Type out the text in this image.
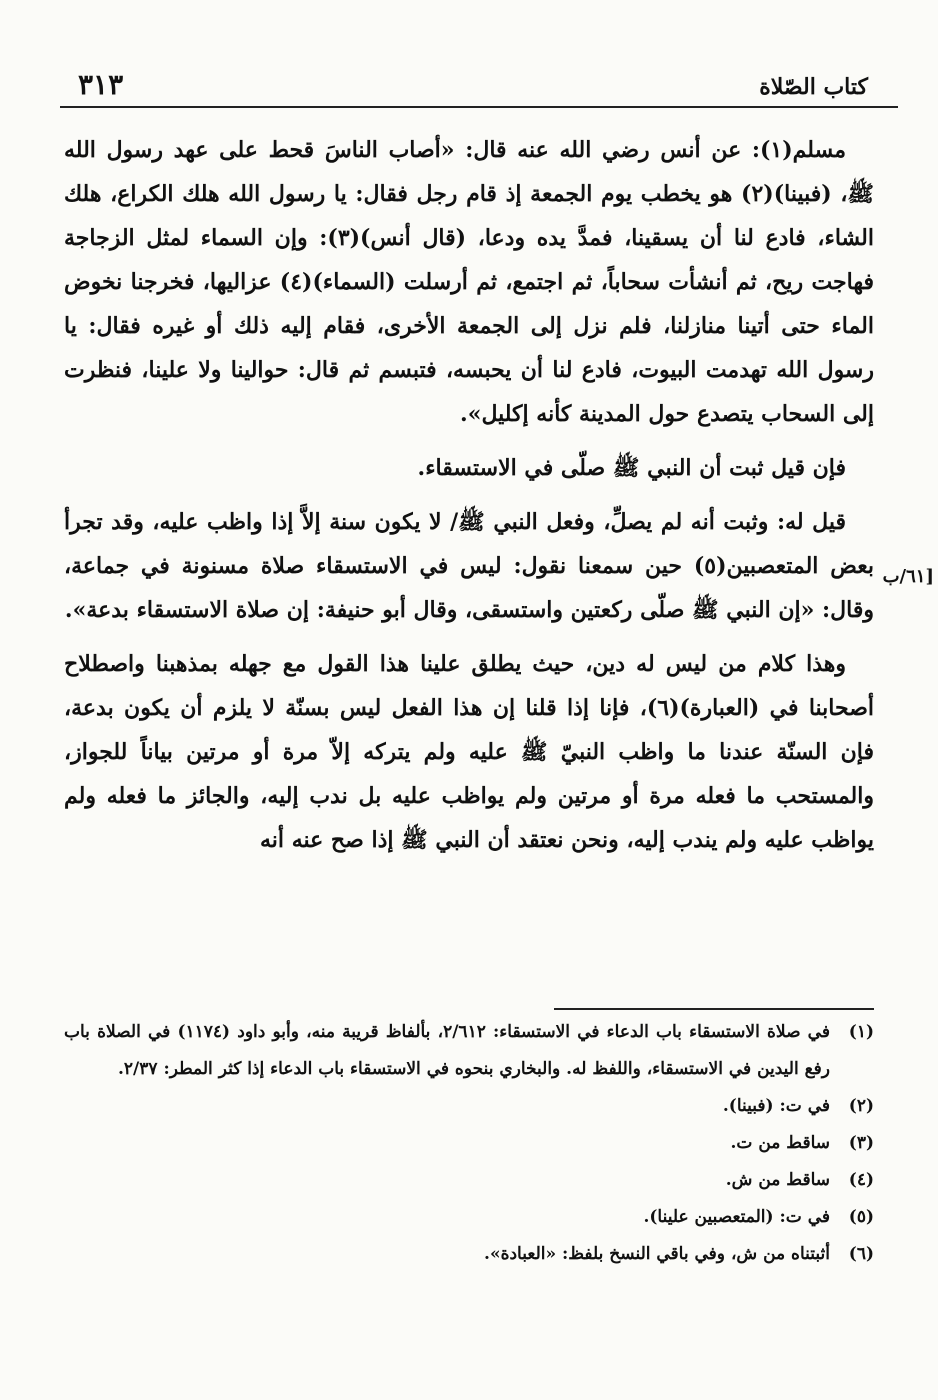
٣١٣	كتاب الصّلاة
[٦١/ب

مسلم(١): عن أنس رضي الله عنه قال: «أصاب الناسَ قحط على عهد رسول الله ﷺ، (فبينا)(٢) هو يخطب يوم الجمعة إذ قام رجل فقال: يا رسول الله هلك الكراع، هلك الشاء، فادع لنا أن يسقينا، فمدَّ يده ودعا، (قال أنس)(٣): وإن السماء لمثل الزجاجة فهاجت ريح، ثم أنشأت سحاباً، ثم اجتمع، ثم أرسلت (السماء)(٤) عزاليها، فخرجنا نخوض الماء حتى أتينا منازلنا، فلم نزل إلى الجمعة الأخرى، فقام إليه ذلك أو غيره فقال: يا رسول الله تهدمت البيوت، فادع لنا أن يحبسه، فتبسم ثم قال: حوالينا ولا علينا، فنظرت إلى السحاب يتصدع حول المدينة كأنه إكليل».

فإن قيل ثبت أن النبي ﷺ صلّى في الاستسقاء.

قيل له: وثبت أنه لم يصلِّ، وفعل النبي ﷺ/ لا يكون سنة إلاَّ إذا واظب عليه، وقد تجرأ بعض المتعصبين(٥) حين سمعنا نقول: ليس في الاستسقاء صلاة مسنونة في جماعة، وقال: «إن النبي ﷺ صلّى ركعتين واستسقى، وقال أبو حنيفة: إن صلاة الاستسقاء بدعة».

وهذا كلام من ليس له دين، حيث يطلق علينا هذا القول مع جهله بمذهبنا واصطلاح أصحابنا في (العبارة)(٦)، فإنا إذا قلنا إن هذا الفعل ليس بسنّة لا يلزم أن يكون بدعة، فإن السنّة عندنا ما واظب النبيّ ﷺ عليه ولم يتركه إلاّ مرة أو مرتين بياناً للجواز، والمستحب ما فعله مرة أو مرتين ولم يواظب عليه بل ندب إليه، والجائز ما فعله ولم يواظب عليه ولم يندب إليه، ونحن نعتقد أن النبي ﷺ إذا صح عنه أنه

(١)
في صلاة الاستسقاء باب الدعاء في الاستسقاء: ٢/٦١٢، بألفاظ قريبة منه، وأبو داود (١١٧٤) في الصلاة باب رفع اليدين في الاستسقاء، واللفظ له. والبخاري بنحوه في الاستسقاء باب الدعاء إذا كثر المطر: ٢/٣٧.
(٢)
في ت: (فبينا).
(٣)
ساقط من ت.
(٤)
ساقط من ش.
(٥)
في ت: (المتعصبين علينا).
(٦)
أثبتناه من ش، وفي باقي النسخ بلفظ: «العبادة».
